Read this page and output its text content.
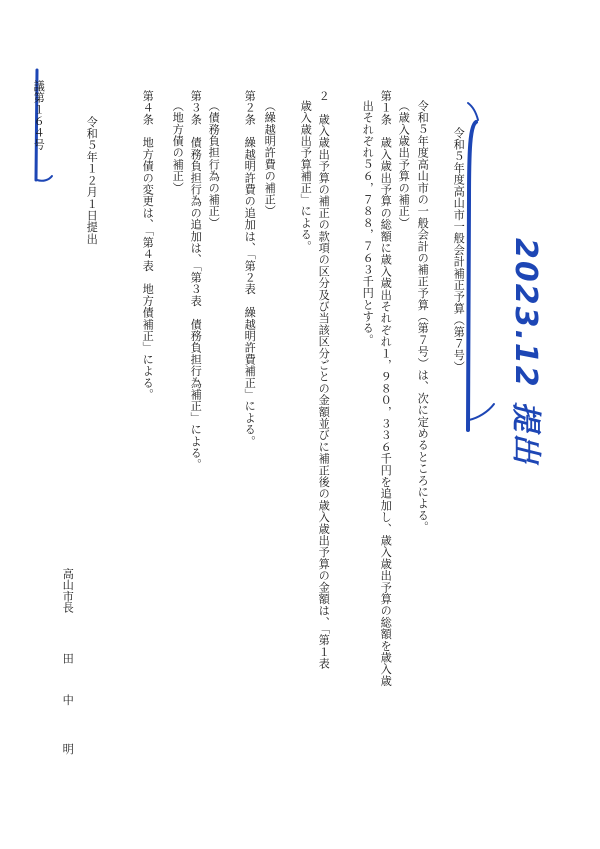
議第１６４号
令和５年度高山市一般会計補正予算（第７号）
令和５年度高山市の一般会計の補正予算（第７号）は、次に定めるところによる。
（歳入歳出予算の補正）
第１条　歳入歳出予算の総額に歳入歳出それぞれ１，９８０，３３６千円を追加し、歳入歳出予算の総額を歳入歳
出それぞれ５６，７８８，７６３千円とする。
２　歳入歳出予算の補正の款項の区分及び当該区分ごとの金額並びに補正後の歳入歳出予算の金額は、「第１表
歳入歳出予算補正」による。
（繰越明許費の補正）
第２条　繰越明許費の追加は、「第２表　繰越明許費補正」による。
（債務負担行為の補正）
第３条　債務負担行為の追加は、「第３表　債務負担行為補正」による。
（地方債の補正）
第４条　地方債の変更は、「第４表　地方債補正」による。
令和５年１２月１日提出
高山市長田中明
2023.12 提出
